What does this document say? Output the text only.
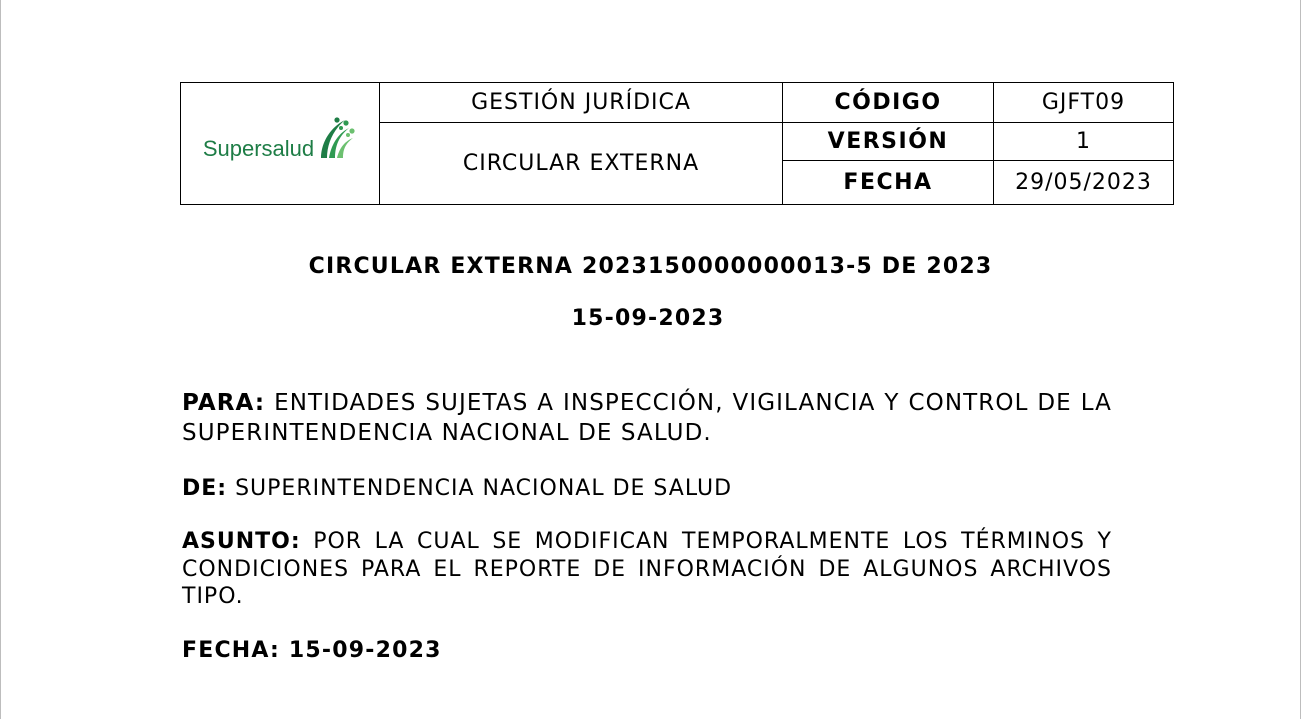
Supersalud	GESTIÓN JURÍDICA	CÓDIGO	GJFT09
	CIRCULAR EXTERNA	VERSIÓN	1
		FECHA	29/05/2023
CIRCULAR EXTERNA 2023150000000013-5 DE 2023
15-09-2023
PARA: ENTIDADES SUJETAS A INSPECCIÓN, VIGILANCIA Y CONTROL DE LA SUPERINTENDENCIA NACIONAL DE SALUD.
DE: SUPERINTENDENCIA NACIONAL DE SALUD
ASUNTO: POR LA CUAL SE MODIFICAN TEMPORALMENTE LOS TÉRMINOS Y CONDICIONES PARA EL REPORTE DE INFORMACIÓN DE ALGUNOS ARCHIVOS TIPO.
FECHA: 15-09-2023
